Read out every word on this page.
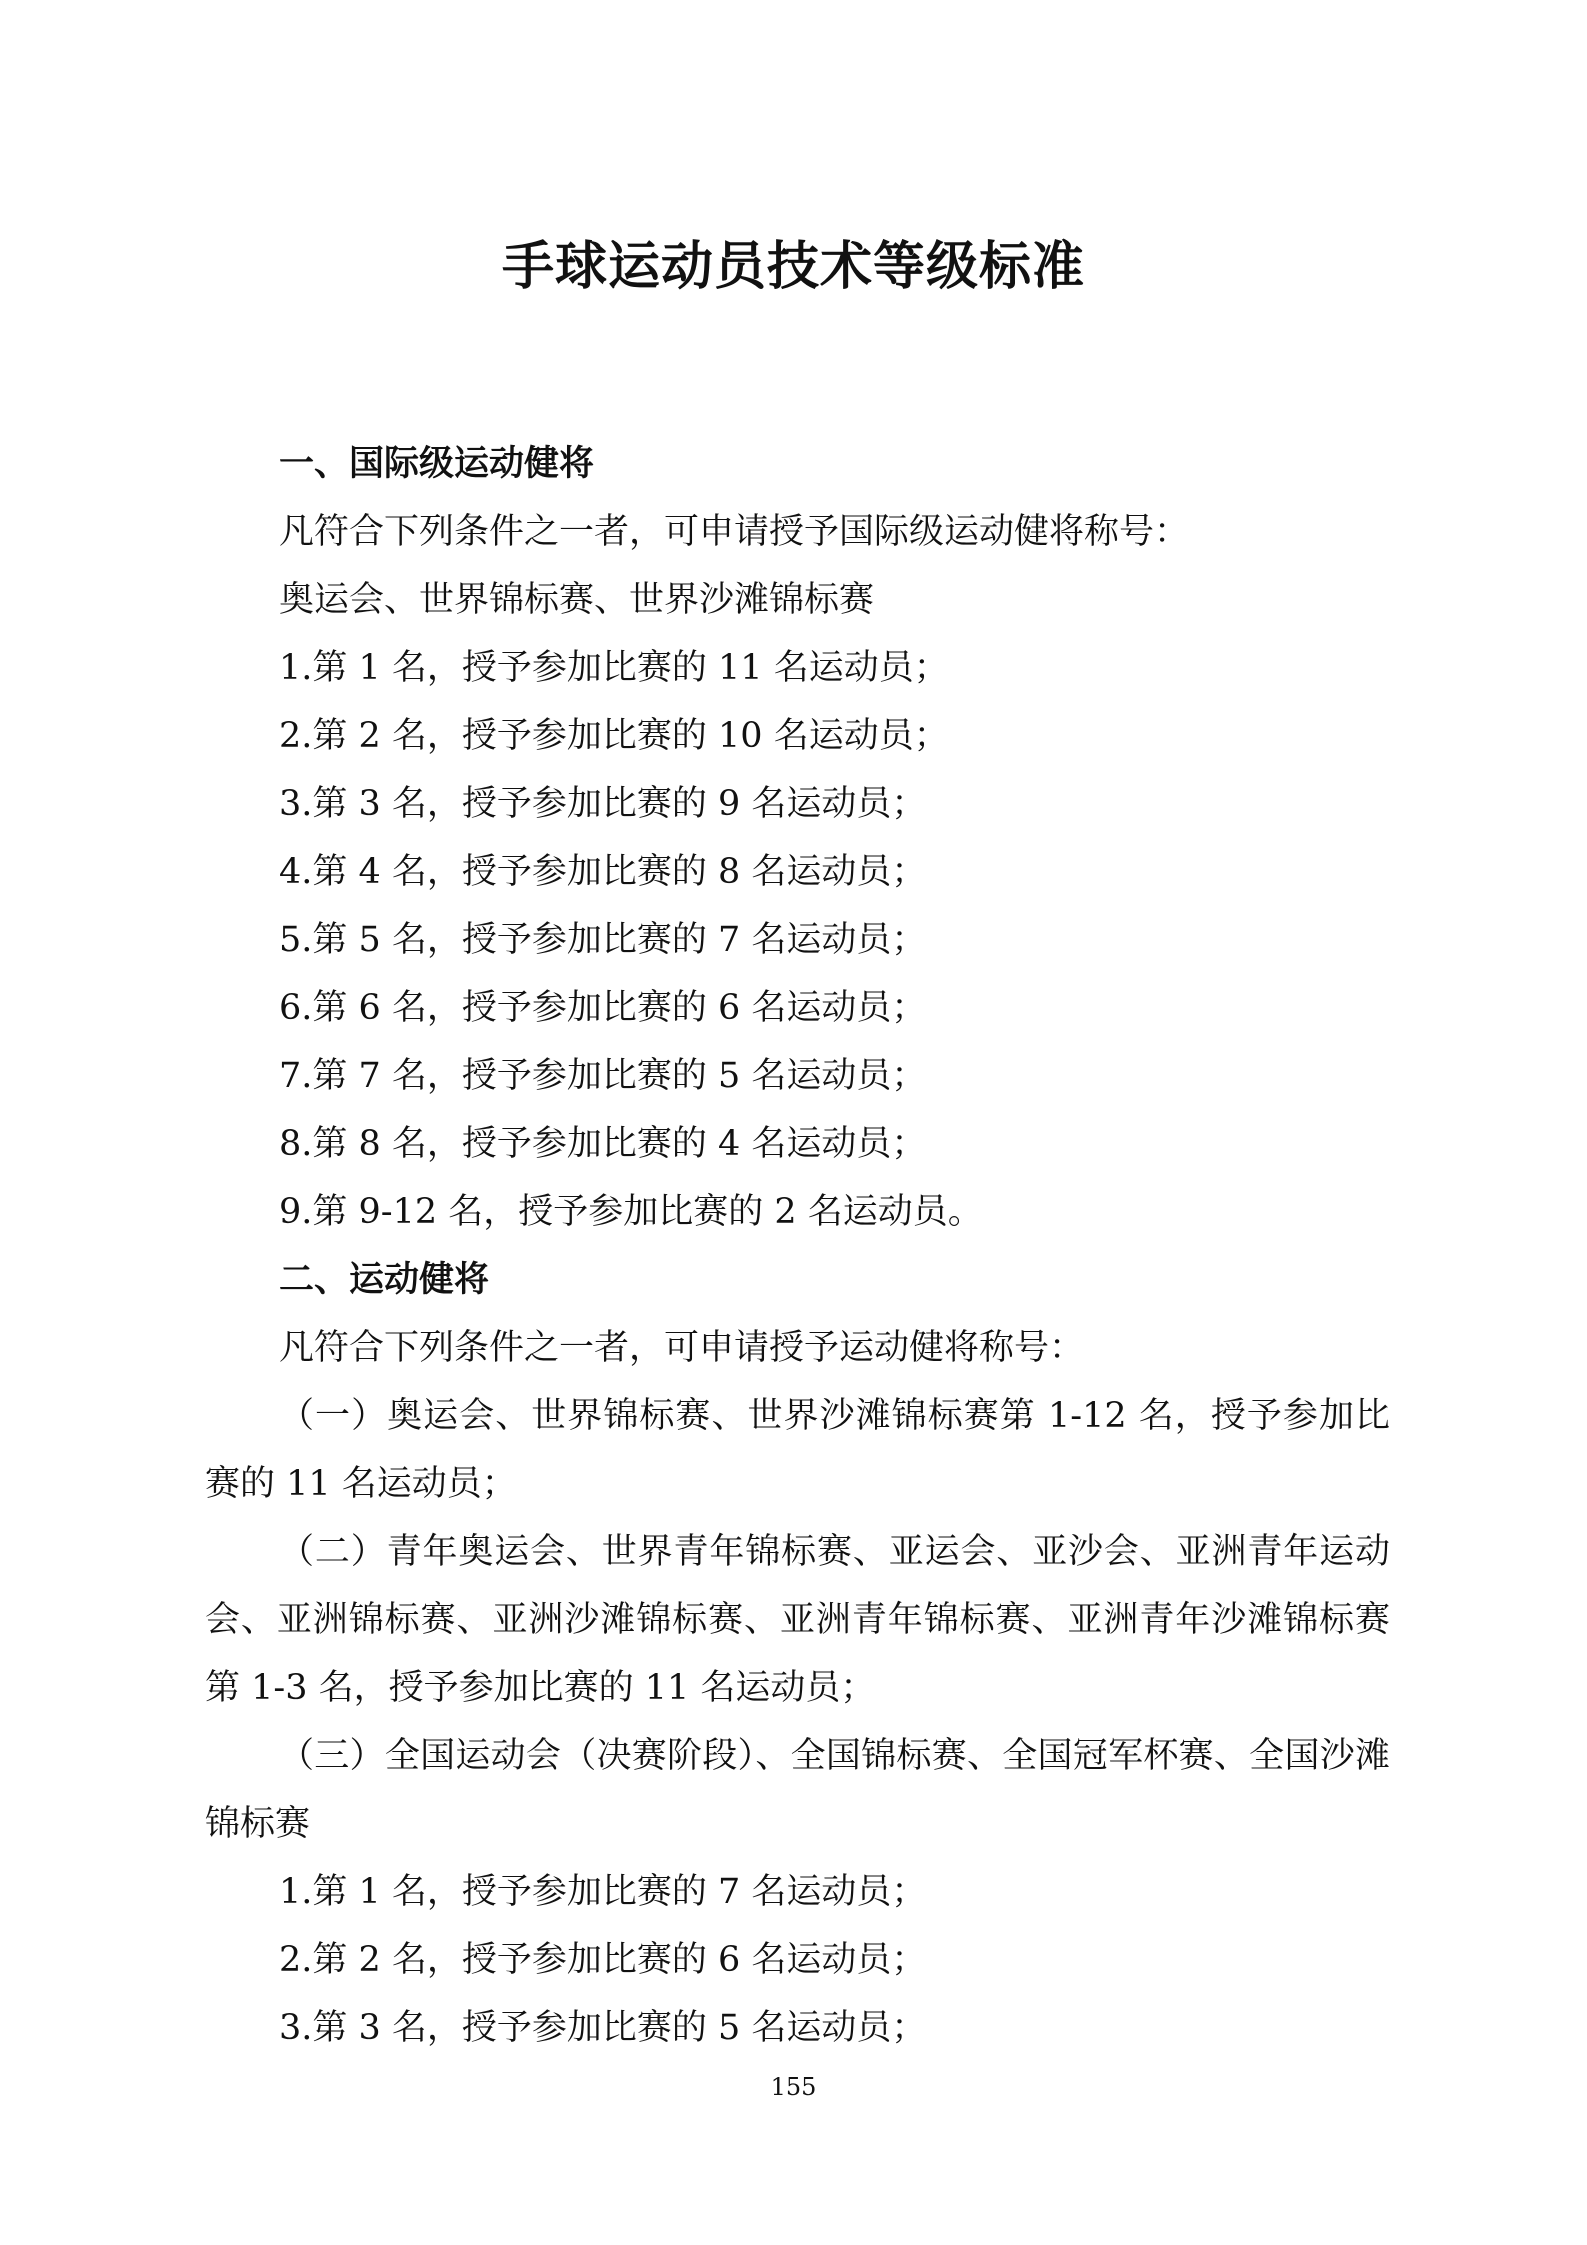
手球运动员技术等级标准

一、国际级运动健将

凡符合下列条件之一者，可申请授予国际级运动健将称号：

奥运会、世界锦标赛、世界沙滩锦标赛

1.第 1 名，授予参加比赛的 11 名运动员；

2.第 2 名，授予参加比赛的 10 名运动员；

3.第 3 名，授予参加比赛的 9 名运动员；

4.第 4 名，授予参加比赛的 8 名运动员；

5.第 5 名，授予参加比赛的 7 名运动员；

6.第 6 名，授予参加比赛的 6 名运动员；

7.第 7 名，授予参加比赛的 5 名运动员；

8.第 8 名，授予参加比赛的 4 名运动员；

9.第 9-12 名，授予参加比赛的 2 名运动员。

二、运动健将

凡符合下列条件之一者，可申请授予运动健将称号：

（一）奥运会、世界锦标赛、世界沙滩锦标赛第 1-12 名，授予参加比赛的 11 名运动员；

（二）青年奥运会、世界青年锦标赛、亚运会、亚沙会、亚洲青年运动会、亚洲锦标赛、亚洲沙滩锦标赛、亚洲青年锦标赛、亚洲青年沙滩锦标赛第 1-3 名，授予参加比赛的 11 名运动员；

（三）全国运动会（决赛阶段）、全国锦标赛、全国冠军杯赛、全国沙滩锦标赛

1.第 1 名，授予参加比赛的 7 名运动员；

2.第 2 名，授予参加比赛的 6 名运动员；

3.第 3 名，授予参加比赛的 5 名运动员；

155
